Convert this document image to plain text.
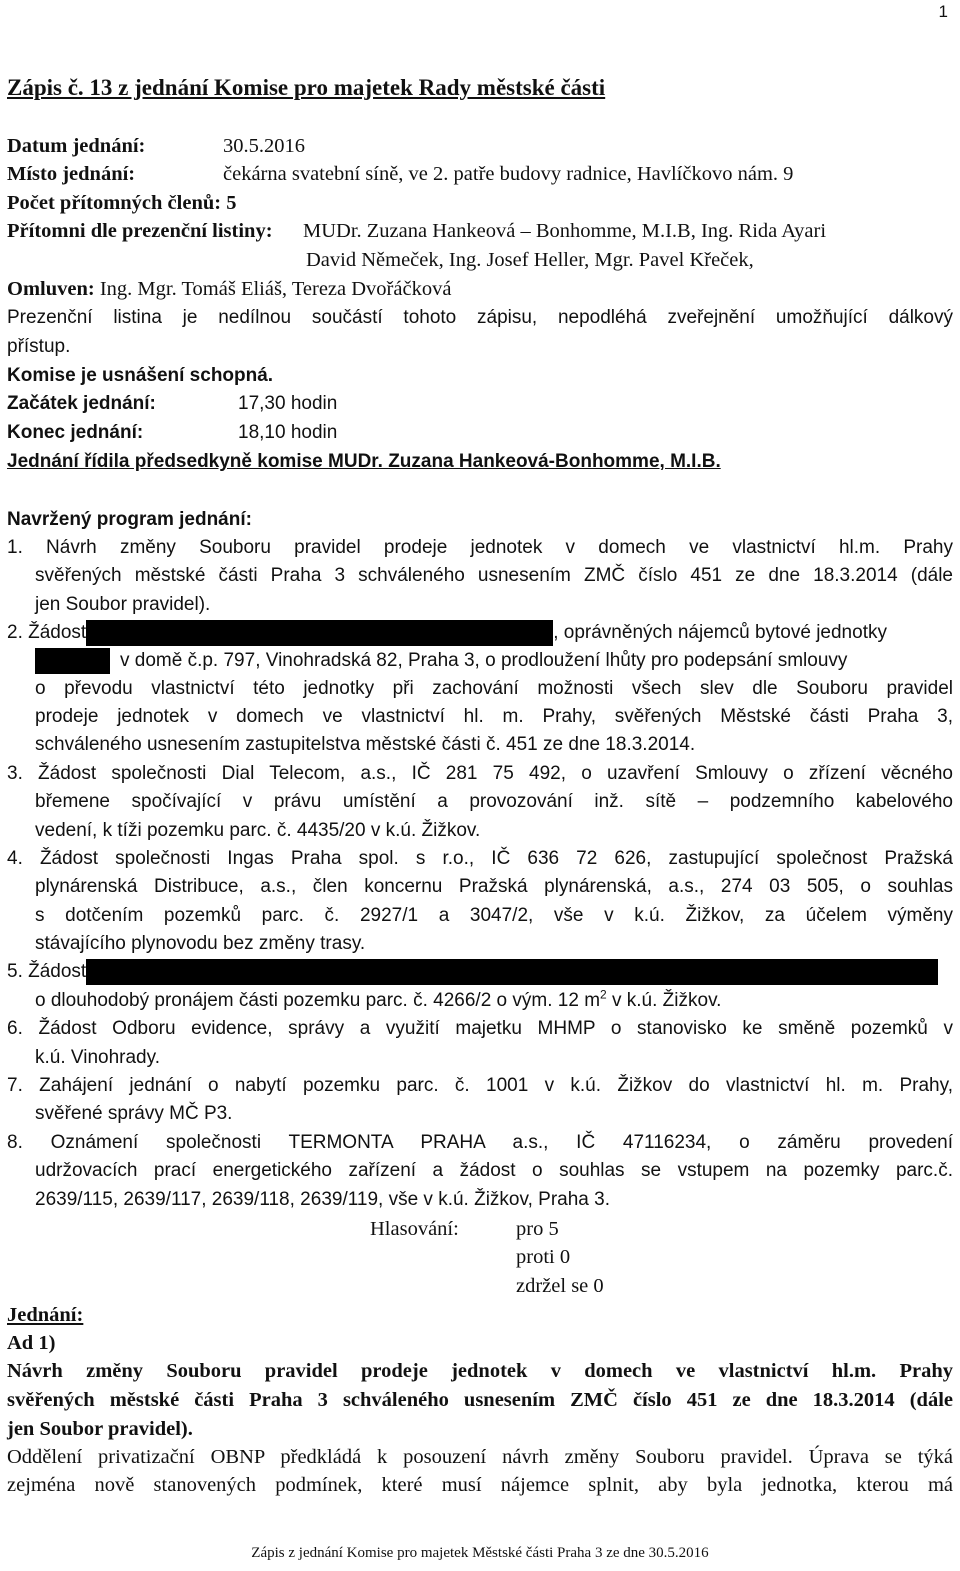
1
Zápis č. 13 z jednání Komise pro majetek Rady městské části
Datum jednání:	30.5.2016
Místo jednání:	čekárna svatební síně, ve 2. patře budovy radnice, Havlíčkovo nám. 9
Počet přítomných členů: 5
Přítomni dle prezenční listiny: MUDr. Zuzana Hankeová – Bonhomme, M.I.B, Ing. Rida Ayari
David Němeček, Ing. Josef Heller, Mgr. Pavel Křeček,
Omluven: Ing. Mgr. Tomáš Eliáš, Tereza Dvořáčková
Prezenční listina je nedílnou součástí tohoto zápisu, nepodléhá zveřejnění umožňující dálkový
přístup.
Komise je usnášení schopná.
Začátek jednání:	17,30 hodin
Konec jednání:	18,10 hodin
Jednání řídila předsedkyně komise MUDr. Zuzana Hankeová-Bonhomme, M.I.B.
Navržený program jednání:
1. Návrh změny Souboru pravidel prodeje jednotek v domech ve vlastnictví hl.m. Prahy
svěřených městské části Praha 3 schváleného usnesením ZMČ číslo 451 ze dne 18.3.2014 (dále
jen Soubor pravidel).
2. Žádost	, oprávněných nájemců bytové jednotky
v domě č.p. 797, Vinohradská 82, Praha 3, o prodloužení lhůty pro podepsání smlouvy
o převodu vlastnictví této jednotky při zachování možnosti všech slev dle Souboru pravidel
prodeje jednotek v domech ve vlastnictví hl. m. Prahy, svěřených Městské části Praha 3,
schváleného usnesením zastupitelstva městské části č. 451 ze dne 18.3.2014.
3. Žádost společnosti Dial Telecom, a.s., IČ 281 75 492, o uzavření Smlouvy o zřízení věcného
břemene spočívající v právu umístění a provozování inž. sítě – podzemního kabelového
vedení, k tíži pozemku parc. č. 4435/20 v k.ú. Žižkov.
4. Žádost společnosti Ingas Praha spol. s r.o., IČ 636 72 626, zastupující společnost Pražská
plynárenská Distribuce, a.s., člen koncernu Pražská plynárenská, a.s., 274 03 505, o souhlas
s dotčením pozemků parc. č. 2927/1 a 3047/2, vše v k.ú. Žižkov, za účelem výměny
stávajícího plynovodu bez změny trasy.
5. Žádost
o dlouhodobý pronájem části pozemku parc. č. 4266/2 o vým. 12 $m^2$ v k.ú. Žižkov.
6. Žádost Odboru evidence, správy a využití majetku MHMP o stanovisko ke směně pozemků v
k.ú. Vinohrady.
7. Zahájení jednání o nabytí pozemku parc. č. 1001 v k.ú. Žižkov do vlastnictví hl. m. Prahy,
svěřené správy MČ P3.
8. Oznámení společnosti TERMONTA PRAHA a.s., IČ 47116234, o záměru provedení
udržovacích prací energetického zařízení a žádost o souhlas se vstupem na pozemky parc.č.
2639/115, 2639/117, 2639/118, 2639/119, vše v k.ú. Žižkov, Praha 3.
Hlasování:	pro 5
proti 0
zdržel se 0
Jednání:
Ad 1)
Návrh změny Souboru pravidel prodeje jednotek v domech ve vlastnictví hl.m. Prahy
svěřených městské části Praha 3 schváleného usnesením ZMČ číslo 451 ze dne 18.3.2014 (dále
jen Soubor pravidel).
Oddělení privatizační OBNP předkládá k posouzení návrh změny Souboru pravidel. Úprava se týká
zejména nově stanovených podmínek, které musí nájemce splnit, aby byla jednotka, kterou má
Zápis z jednání Komise pro majetek Městské části Praha 3 ze dne 30.5.2016
